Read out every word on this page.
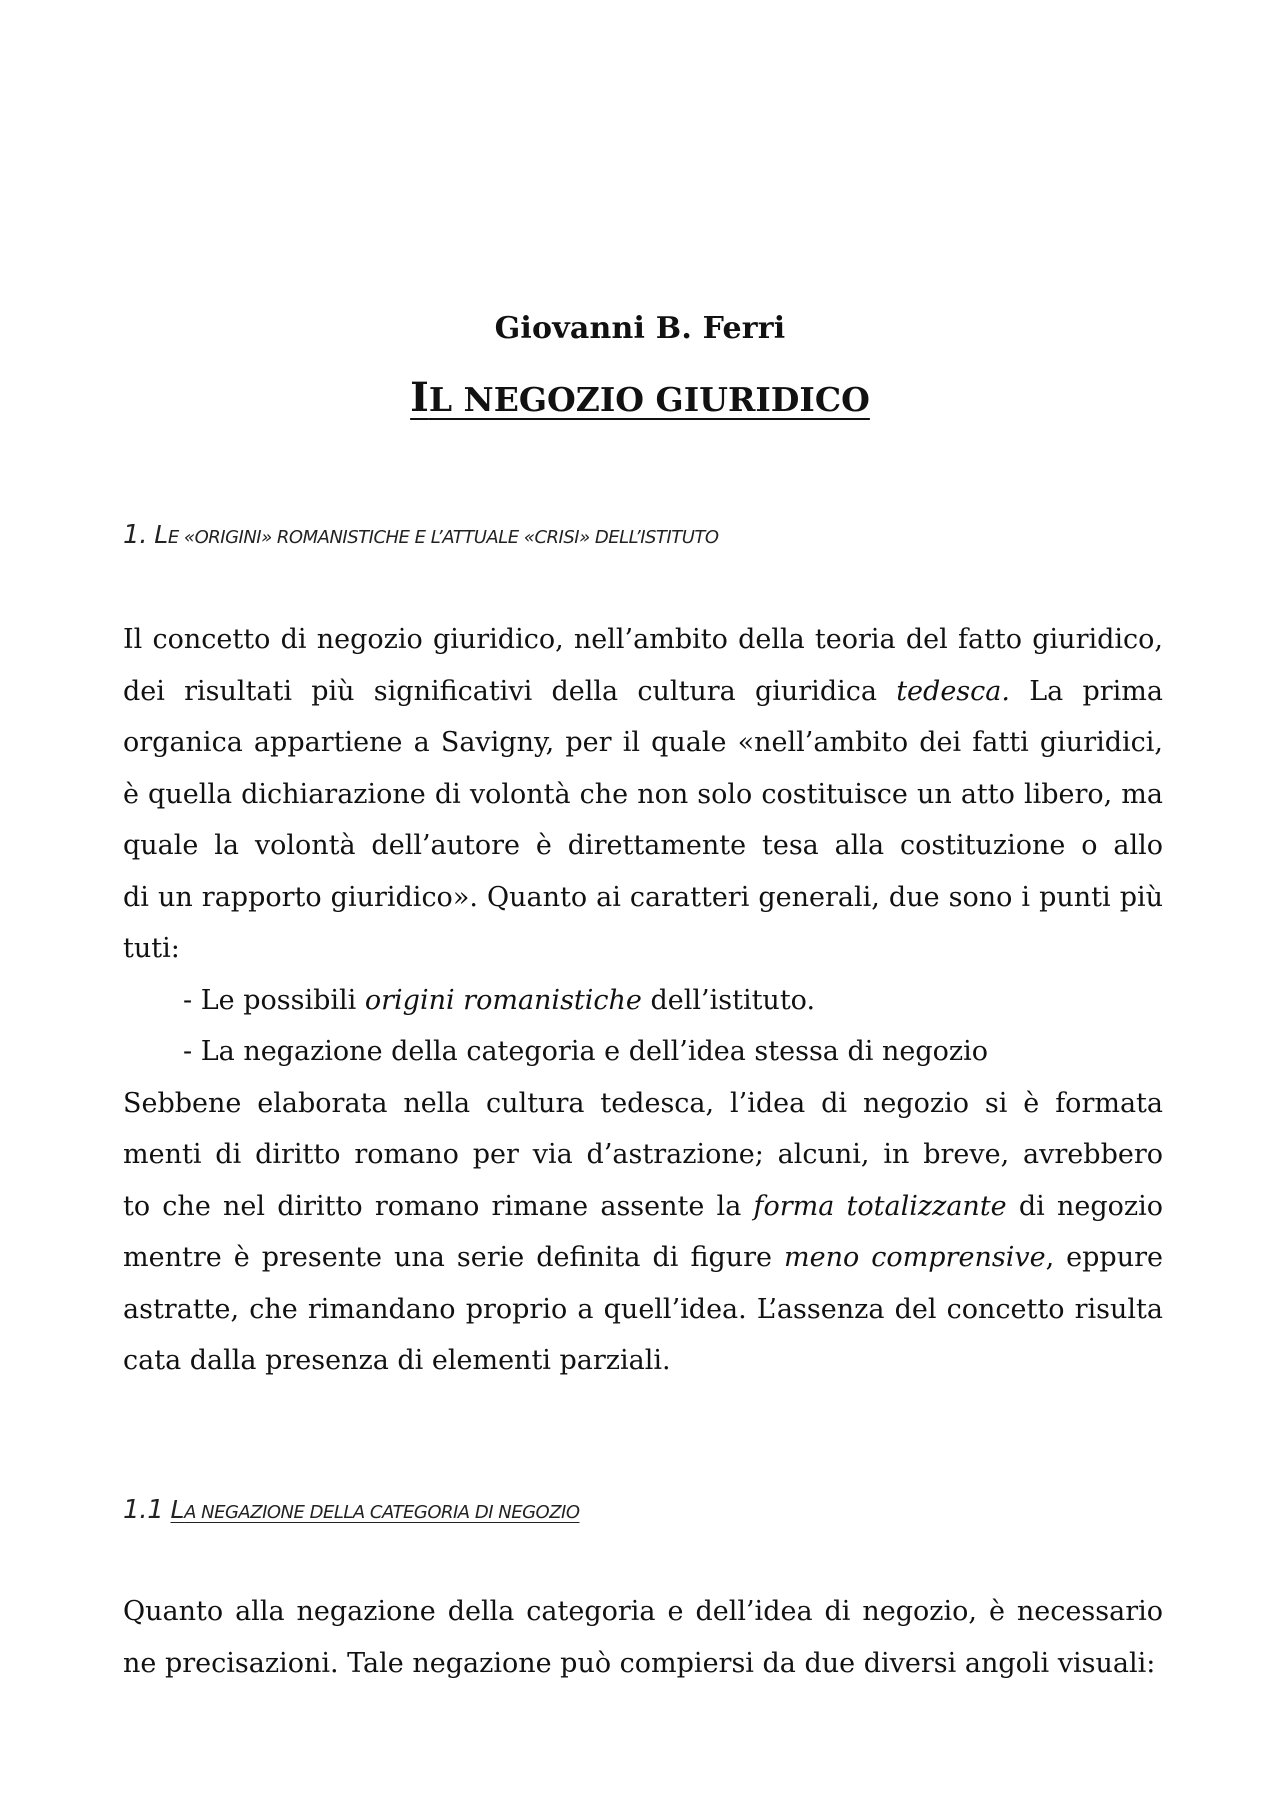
Giovanni B. Ferri
IL NEGOZIO GIURIDICO
1. LE «ORIGINI» ROMANISTICHE E L’ATTUALE «CRISI» DELL’ISTITUTO
Il concetto di negozio giuridico, nell’ambito della teoria del fatto giuridico,
dei risultati più significativi della cultura giuridica tedesca. La prima
organica appartiene a Savigny, per il quale «nell’ambito dei fatti giuridici,
è quella dichiarazione di volontà che non solo costituisce un atto libero, ma
quale la volontà dell’autore è direttamente tesa alla costituzione o allo
di un rapporto giuridico». Quanto ai caratteri generali, due sono i punti più
tuti:
- Le possibili origini romanistiche dell’istituto.
- La negazione della categoria e dell’idea stessa di negozio
Sebbene elaborata nella cultura tedesca, l’idea di negozio si è formata
menti di diritto romano per via d’astrazione; alcuni, in breve, avrebbero
to che nel diritto romano rimane assente la forma totalizzante di negozio
mentre è presente una serie definita di figure meno comprensive, eppure
astratte, che rimandano proprio a quell’idea. L’assenza del concetto risulta
cata dalla presenza di elementi parziali.
1.1 LA NEGAZIONE DELLA CATEGORIA DI NEGOZIO
Quanto alla negazione della categoria e dell’idea di negozio, è necessario
ne precisazioni. Tale negazione può compiersi da due diversi angoli visuali:
